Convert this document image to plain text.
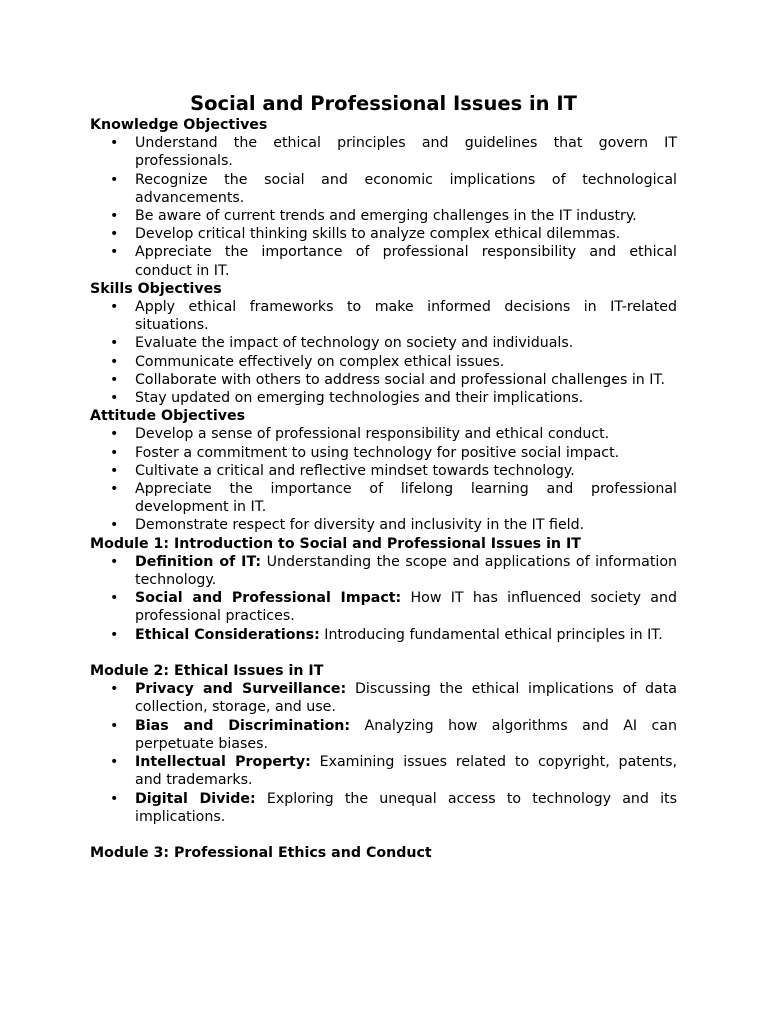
Social and Professional Issues in IT
Knowledge Objectives
• Understand the ethical principles and guidelines that govern IT professionals.
• Recognize the social and economic implications of technological advancements.
• Be aware of current trends and emerging challenges in the IT industry.
• Develop critical thinking skills to analyze complex ethical dilemmas.
• Appreciate the importance of professional responsibility and ethical conduct in IT.
Skills Objectives
• Apply ethical frameworks to make informed decisions in IT-related situations.
• Evaluate the impact of technology on society and individuals.
• Communicate effectively on complex ethical issues.
• Collaborate with others to address social and professional challenges in IT.
• Stay updated on emerging technologies and their implications.
Attitude Objectives
• Develop a sense of professional responsibility and ethical conduct.
• Foster a commitment to using technology for positive social impact.
• Cultivate a critical and reflective mindset towards technology.
• Appreciate the importance of lifelong learning and professional development in IT.
• Demonstrate respect for diversity and inclusivity in the IT field.
Module 1: Introduction to Social and Professional Issues in IT
• Definition of IT: Understanding the scope and applications of information technology.
• Social and Professional Impact: How IT has influenced society and professional practices.
• Ethical Considerations: Introducing fundamental ethical principles in IT.
Module 2: Ethical Issues in IT
• Privacy and Surveillance: Discussing the ethical implications of data collection, storage, and use.
• Bias and Discrimination: Analyzing how algorithms and AI can perpetuate biases.
• Intellectual Property: Examining issues related to copyright, patents, and trademarks.
• Digital Divide: Exploring the unequal access to technology and its implications.
Module 3: Professional Ethics and Conduct
